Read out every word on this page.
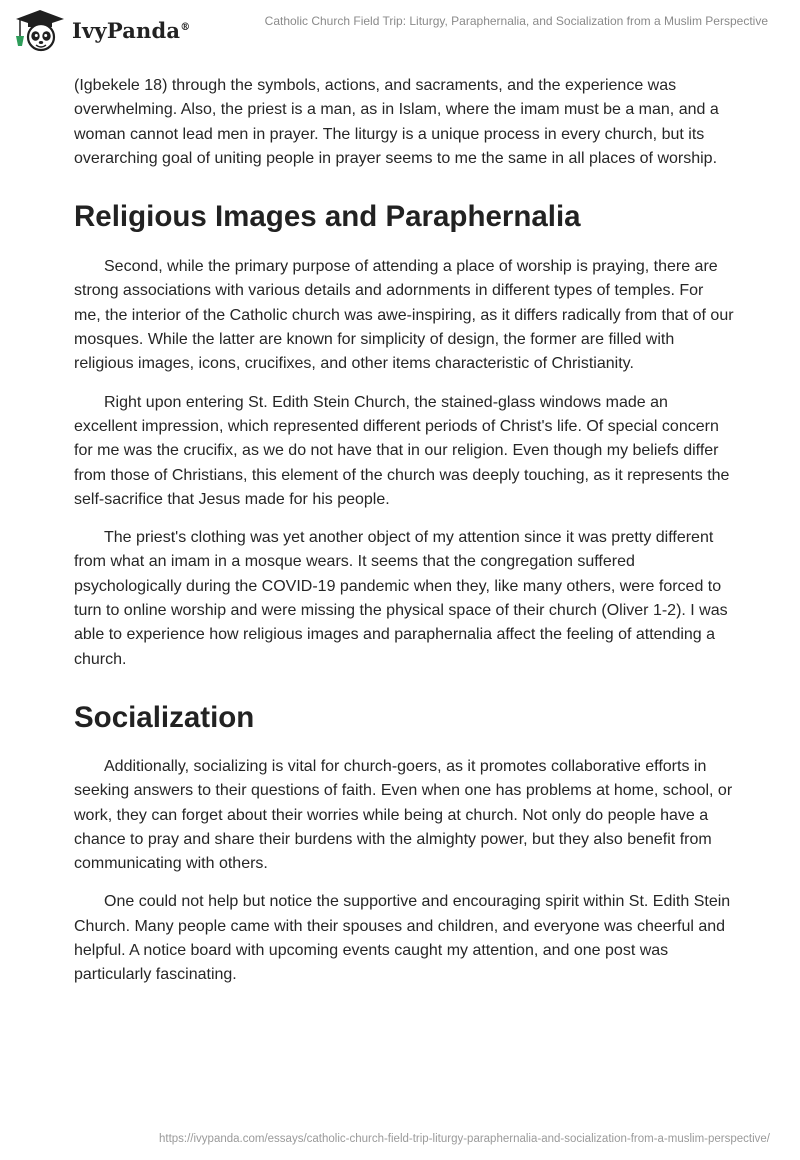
IvyPanda®	Catholic Church Field Trip: Liturgy, Paraphernalia, and Socialization from a Muslim Perspective

(Igbekele 18) through the symbols, actions, and sacraments, and the experience was overwhelming. Also, the priest is a man, as in Islam, where the imam must be a man, and a woman cannot lead men in prayer. The liturgy is a unique process in every church, but its overarching goal of uniting people in prayer seems to me the same in all places of worship.

Religious Images and Paraphernalia

Second, while the primary purpose of attending a place of worship is praying, there are strong associations with various details and adornments in different types of temples. For me, the interior of the Catholic church was awe-inspiring, as it differs radically from that of our mosques. While the latter are known for simplicity of design, the former are filled with religious images, icons, crucifixes, and other items characteristic of Christianity.

Right upon entering St. Edith Stein Church, the stained-glass windows made an excellent impression, which represented different periods of Christ's life. Of special concern for me was the crucifix, as we do not have that in our religion. Even though my beliefs differ from those of Christians, this element of the church was deeply touching, as it represents the self-sacrifice that Jesus made for his people.

The priest's clothing was yet another object of my attention since it was pretty different from what an imam in a mosque wears. It seems that the congregation suffered psychologically during the COVID-19 pandemic when they, like many others, were forced to turn to online worship and were missing the physical space of their church (Oliver 1-2). I was able to experience how religious images and paraphernalia affect the feeling of attending a church.

Socialization

Additionally, socializing is vital for church-goers, as it promotes collaborative efforts in seeking answers to their questions of faith. Even when one has problems at home, school, or work, they can forget about their worries while being at church. Not only do people have a chance to pray and share their burdens with the almighty power, but they also benefit from communicating with others.

One could not help but notice the supportive and encouraging spirit within St. Edith Stein Church. Many people came with their spouses and children, and everyone was cheerful and helpful. A notice board with upcoming events caught my attention, and one post was particularly fascinating.

https://ivypanda.com/essays/catholic-church-field-trip-liturgy-paraphernalia-and-socialization-from-a-muslim-perspective/
